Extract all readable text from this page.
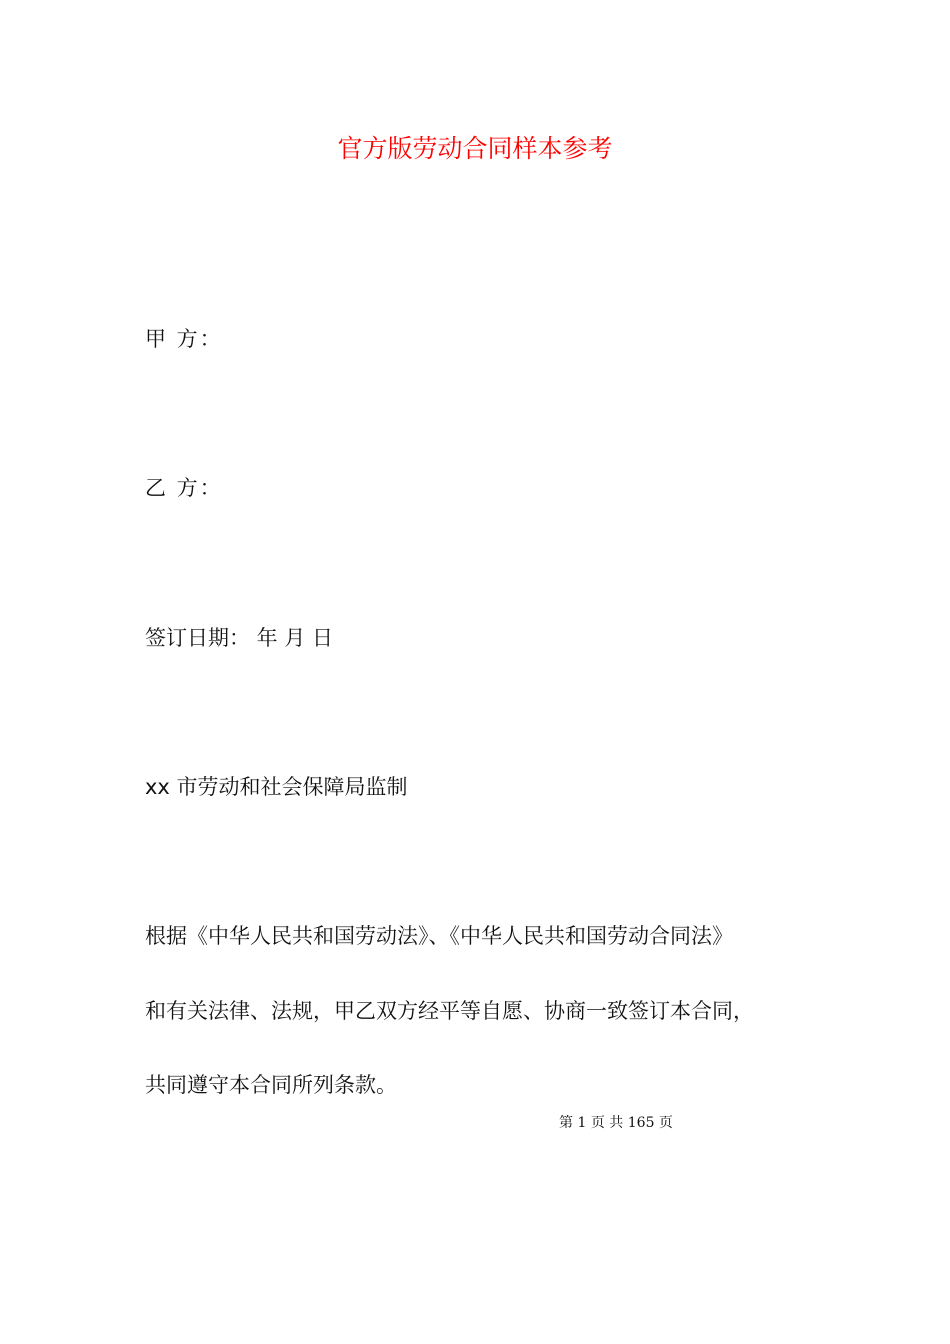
官方版劳动合同样本参考
甲 方：
乙 方：
签订日期： 年 月 日
xx 市劳动和社会保障局监制
根据《中华人民共和国劳动法》、《中华人民共和国劳动合同法》
和有关法律、法规，甲乙双方经平等自愿、协商一致签订本合同，
共同遵守本合同所列条款。
第 1 页 共 165 页
